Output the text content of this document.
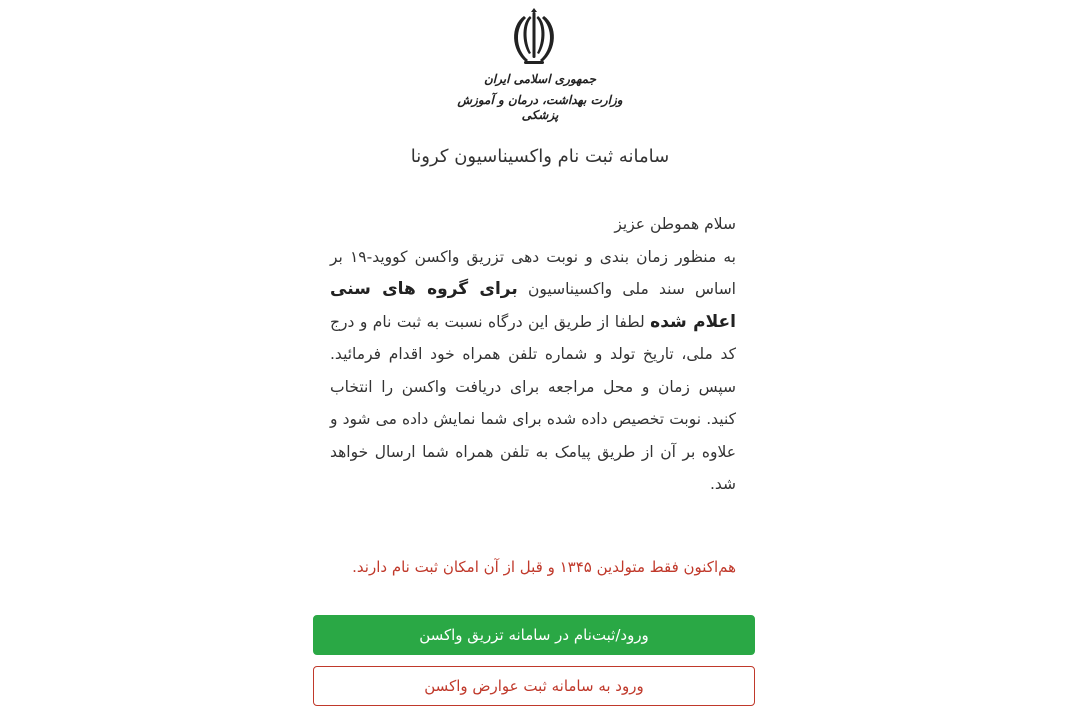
جمهوری اسلامی ایران
وزارت بهداشت، درمان و آموزش پزشکی
سامانه ثبت نام واکسیناسیون کرونا
سلام هموطن عزیز
به منظور زمان بندی و نوبت دهی تزریق واکسن کووید-۱۹ بر اساس سند ملی واکسیناسیون برای گروه های سنی اعلام شده لطفا از طریق این درگاه نسبت به ثبت نام و درج کد ملی، تاریخ تولد و شماره تلفن همراه خود اقدام فرمائید. سپس زمان و محل مراجعه برای دریافت واکسن را انتخاب کنید. نوبت تخصیص داده شده برای شما نمایش داده می شود و علاوه بر آن از طریق پیامک به تلفن همراه شما ارسال خواهد شد.
هم‌اکنون فقط متولدین ۱۳۴۵ و قبل از آن امکان ثبت نام دارند.
ورود/ثبت‌نام در سامانه تزریق واکسن
ورود به سامانه ثبت عوارض واکسن
